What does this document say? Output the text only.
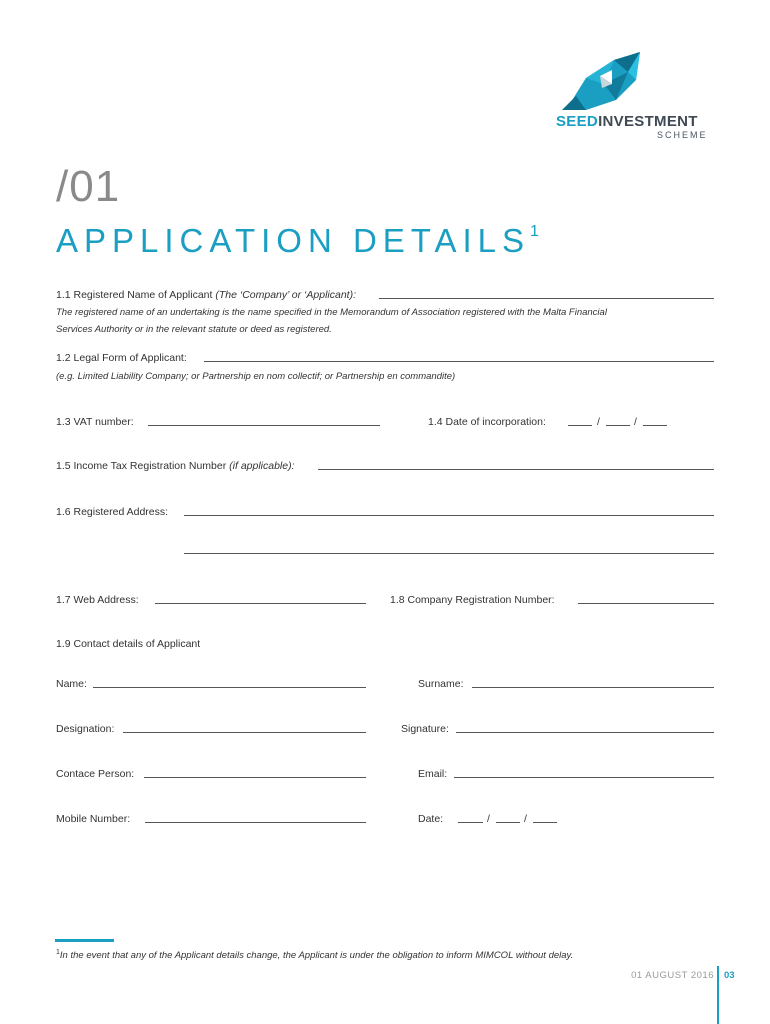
SEEDINVESTMENT
SCHEME
/01
APPLICATION DETAILS$^1$
1.1 Registered Name of Applicant (The ‘Company’ or ‘Applicant):
The registered name of an undertaking is the name specified in the Memorandum of Association registered with the Malta Financial
Services Authority or in the relevant statute or deed as registered.
1.2 Legal Form of Applicant:
(e.g. Limited Liability Company; or Partnership en nom collectif; or Partnership en commandite)
1.3 VAT number:	1.4 Date of incorporation:	/	/
1.5 Income Tax Registration Number (if applicable):
1.6 Registered Address:
1.7 Web Address:	1.8 Company Registration Number:
1.9 Contact details of Applicant
Name:	Surname:
Designation:	Signature:
Contace Person:	Email:
Mobile Number:	Date:	/	/
$^1$In the event that any of the Applicant details change, the Applicant is under the obligation to inform MIMCOL without delay.
01 AUGUST 2016 03
